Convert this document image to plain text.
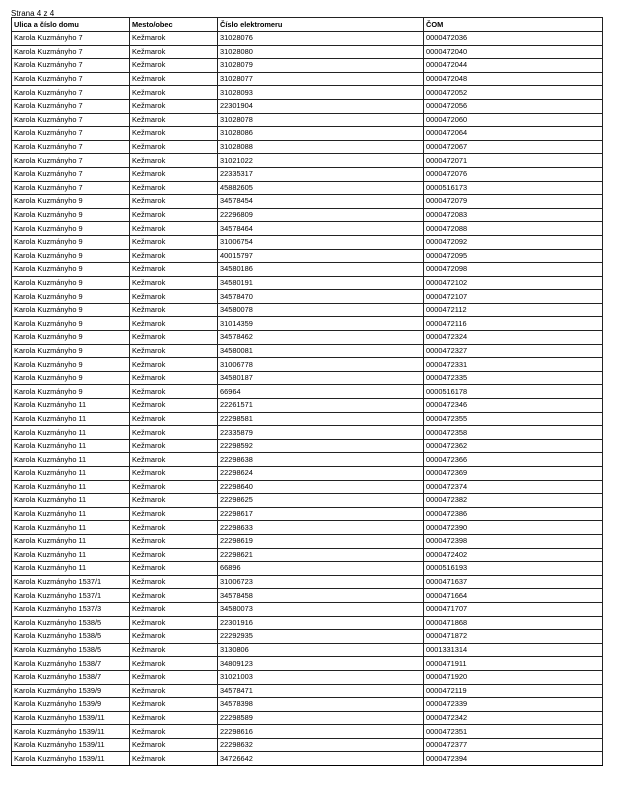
Strana 4 z 4
Ulica a číslo domu	Mesto/obec	Číslo elektromeru	ČOM
Karola Kuzmányho 7	Kežmarok	31028076	0000472036
Karola Kuzmányho 7	Kežmarok	31028080	0000472040
Karola Kuzmányho 7	Kežmarok	31028079	0000472044
Karola Kuzmányho 7	Kežmarok	31028077	0000472048
Karola Kuzmányho 7	Kežmarok	31028093	0000472052
Karola Kuzmányho 7	Kežmarok	22301904	0000472056
Karola Kuzmányho 7	Kežmarok	31028078	0000472060
Karola Kuzmányho 7	Kežmarok	31028086	0000472064
Karola Kuzmányho 7	Kežmarok	31028088	0000472067
Karola Kuzmányho 7	Kežmarok	31021022	0000472071
Karola Kuzmányho 7	Kežmarok	22335317	0000472076
Karola Kuzmányho 7	Kežmarok	45882605	0000516173
Karola Kuzmányho 9	Kežmarok	34578454	0000472079
Karola Kuzmányho 9	Kežmarok	22296809	0000472083
Karola Kuzmányho 9	Kežmarok	34578464	0000472088
Karola Kuzmányho 9	Kežmarok	31006754	0000472092
Karola Kuzmányho 9	Kežmarok	40015797	0000472095
Karola Kuzmányho 9	Kežmarok	34580186	0000472098
Karola Kuzmányho 9	Kežmarok	34580191	0000472102
Karola Kuzmányho 9	Kežmarok	34578470	0000472107
Karola Kuzmányho 9	Kežmarok	34580078	0000472112
Karola Kuzmányho 9	Kežmarok	31014359	0000472116
Karola Kuzmányho 9	Kežmarok	34578462	0000472324
Karola Kuzmányho 9	Kežmarok	34580081	0000472327
Karola Kuzmányho 9	Kežmarok	31006778	0000472331
Karola Kuzmányho 9	Kežmarok	34580187	0000472335
Karola Kuzmányho 9	Kežmarok	66964	0000516178
Karola Kuzmányho 11	Kežmarok	22261571	0000472346
Karola Kuzmányho 11	Kežmarok	22298581	0000472355
Karola Kuzmányho 11	Kežmarok	22335879	0000472358
Karola Kuzmányho 11	Kežmarok	22298592	0000472362
Karola Kuzmányho 11	Kežmarok	22298638	0000472366
Karola Kuzmányho 11	Kežmarok	22298624	0000472369
Karola Kuzmányho 11	Kežmarok	22298640	0000472374
Karola Kuzmányho 11	Kežmarok	22298625	0000472382
Karola Kuzmányho 11	Kežmarok	22298617	0000472386
Karola Kuzmányho 11	Kežmarok	22298633	0000472390
Karola Kuzmányho 11	Kežmarok	22298619	0000472398
Karola Kuzmányho 11	Kežmarok	22298621	0000472402
Karola Kuzmányho 11	Kežmarok	66896	0000516193
Karola Kuzmányho 1537/1	Kežmarok	31006723	0000471637
Karola Kuzmányho 1537/1	Kežmarok	34578458	0000471664
Karola Kuzmányho 1537/3	Kežmarok	34580073	0000471707
Karola Kuzmányho 1538/5	Kežmarok	22301916	0000471868
Karola Kuzmányho 1538/5	Kežmarok	22292935	0000471872
Karola Kuzmányho 1538/5	Kežmarok	3130806	0001331314
Karola Kuzmányho 1538/7	Kežmarok	34809123	0000471911
Karola Kuzmányho 1538/7	Kežmarok	31021003	0000471920
Karola Kuzmányho 1539/9	Kežmarok	34578471	0000472119
Karola Kuzmányho 1539/9	Kežmarok	34578398	0000472339
Karola Kuzmányho 1539/11	Kežmarok	22298589	0000472342
Karola Kuzmányho 1539/11	Kežmarok	22298616	0000472351
Karola Kuzmányho 1539/11	Kežmarok	22298632	0000472377
Karola Kuzmányho 1539/11	Kežmarok	34726642	0000472394
